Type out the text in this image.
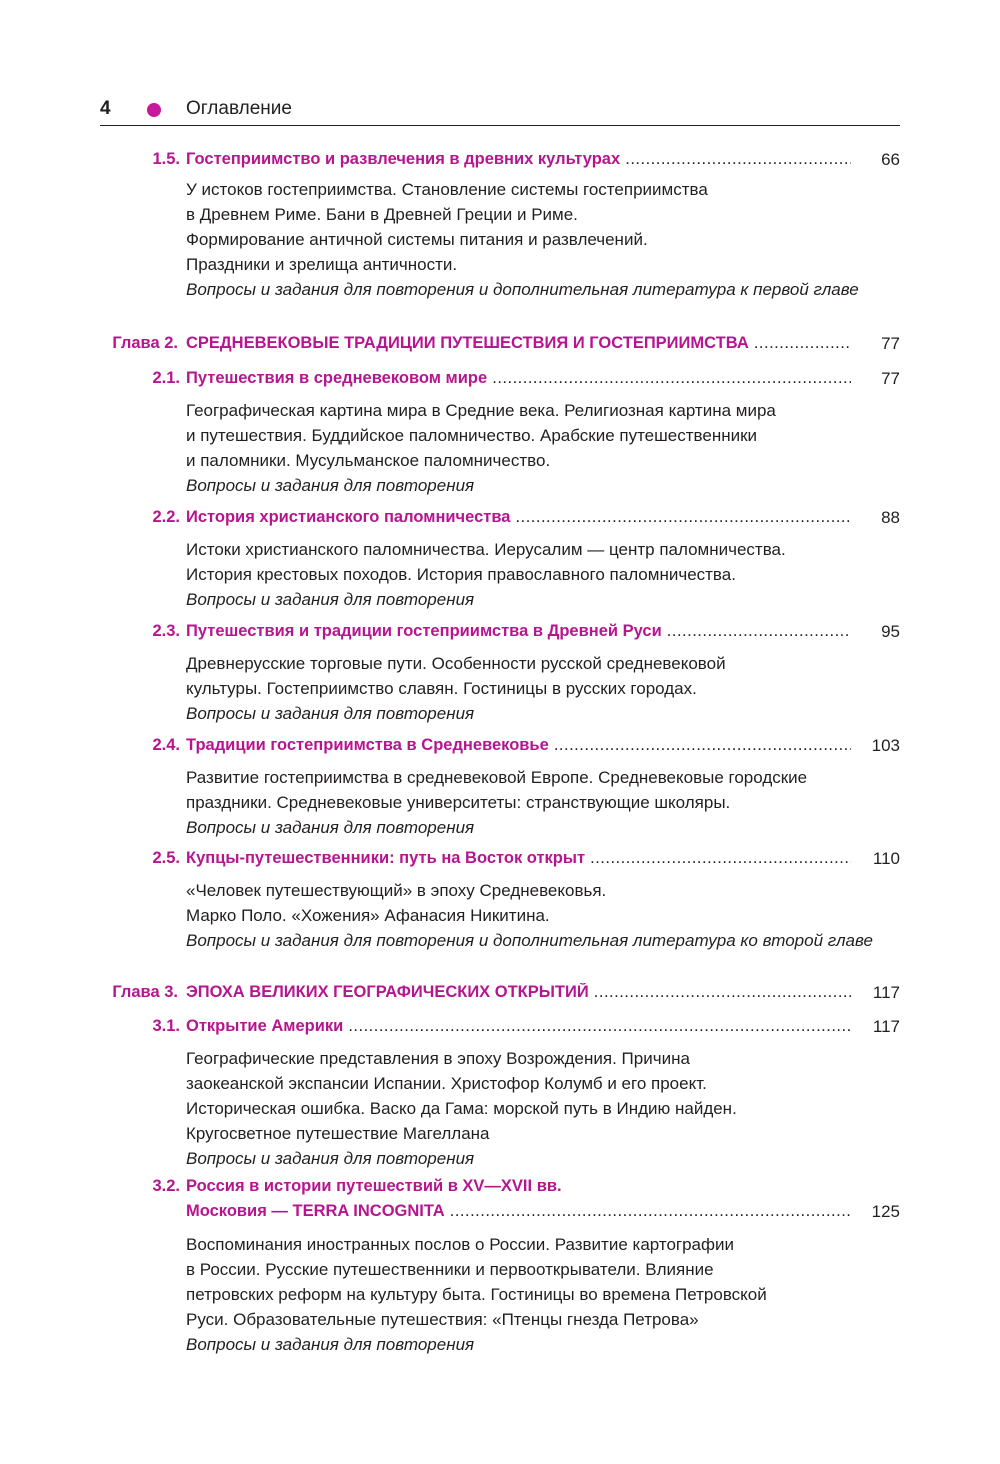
4	Оглавление
1.5. Гостеприимство и развлечения в древних культурах .....	66
У истоков гостеприимства. Становление системы гостеприимства
в Древнем Риме. Бани в Древней Греции и Риме.
Формирование античной системы питания и развлечений.
Праздники и зрелища античности.
Вопросы и задания для повторения и дополнительная литература к первой главе
Глава 2. СРЕДНЕВЕКОВЫЕ ТРАДИЦИИ ПУТЕШЕСТВИЯ И ГОСТЕПРИИМСТВА .....	77
2.1. Путешествия в средневековом мире .....	77
Географическая картина мира в Средние века. Религиозная картина мира
и путешествия. Буддийское паломничество. Арабские путешественники
и паломники. Мусульманское паломничество.
Вопросы и задания для повторения
2.2. История христианского паломничества .....	88
Истоки христианского паломничества. Иерусалим — центр паломничества.
История крестовых походов. История православного паломничества.
Вопросы и задания для повторения
2.3. Путешествия и традиции гостеприимства в Древней Руси .....	95
Древнерусские торговые пути. Особенности русской средневековой
культуры. Гостеприимство славян. Гостиницы в русских городах.
Вопросы и задания для повторения
2.4. Традиции гостеприимства в Средневековье .....	103
Развитие гостеприимства в средневековой Европе. Средневековые городские
праздники. Средневековые университеты: странствующие школяры.
Вопросы и задания для повторения
2.5. Купцы-путешественники: путь на Восток открыт .....	110
«Человек путешествующий» в эпоху Средневековья.
Марко Поло. «Хожения» Афанасия Никитина.
Вопросы и задания для повторения и дополнительная литература ко второй главе
Глава 3. ЭПОХА ВЕЛИКИХ ГЕОГРАФИЧЕСКИХ ОТКРЫТИЙ .....	117
3.1. Открытие Америки .....	117
Географические представления в эпоху Возрождения. Причина
заокеанской экспансии Испании. Христофор Колумб и его проект.
Историческая ошибка. Васко да Гама: морской путь в Индию найден.
Кругосветное путешествие Магеллана
Вопросы и задания для повторения
3.2. Россия в истории путешествий в XV—XVII вв.
Московия — TERRA INCOGNITA .....	125
Воспоминания иностранных послов о России. Развитие картографии
в России. Русские путешественники и первооткрыватели. Влияние
петровских реформ на культуру быта. Гостиницы во времена Петровской
Руси. Образовательные путешествия: «Птенцы гнезда Петрова»
Вопросы и задания для повторения
